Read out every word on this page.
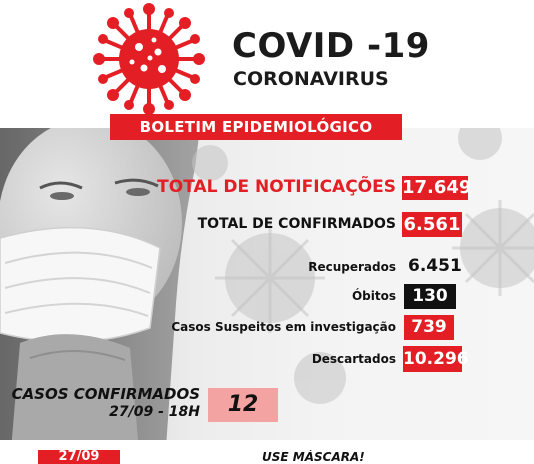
COVID -19
CORONAVIRUS
BOLETIM EPIDEMIOLÓGICO
TOTAL DE NOTIFICAÇÕES 17.649
TOTAL DE CONFIRMADOS 6.561
Recuperados 6.451
Óbitos 130
Casos Suspeitos em investigação 739
Descartados 10.296
CASOS CONFIRMADOS
27/09 - 18H	12
27/09	USE MÁSCARA!
